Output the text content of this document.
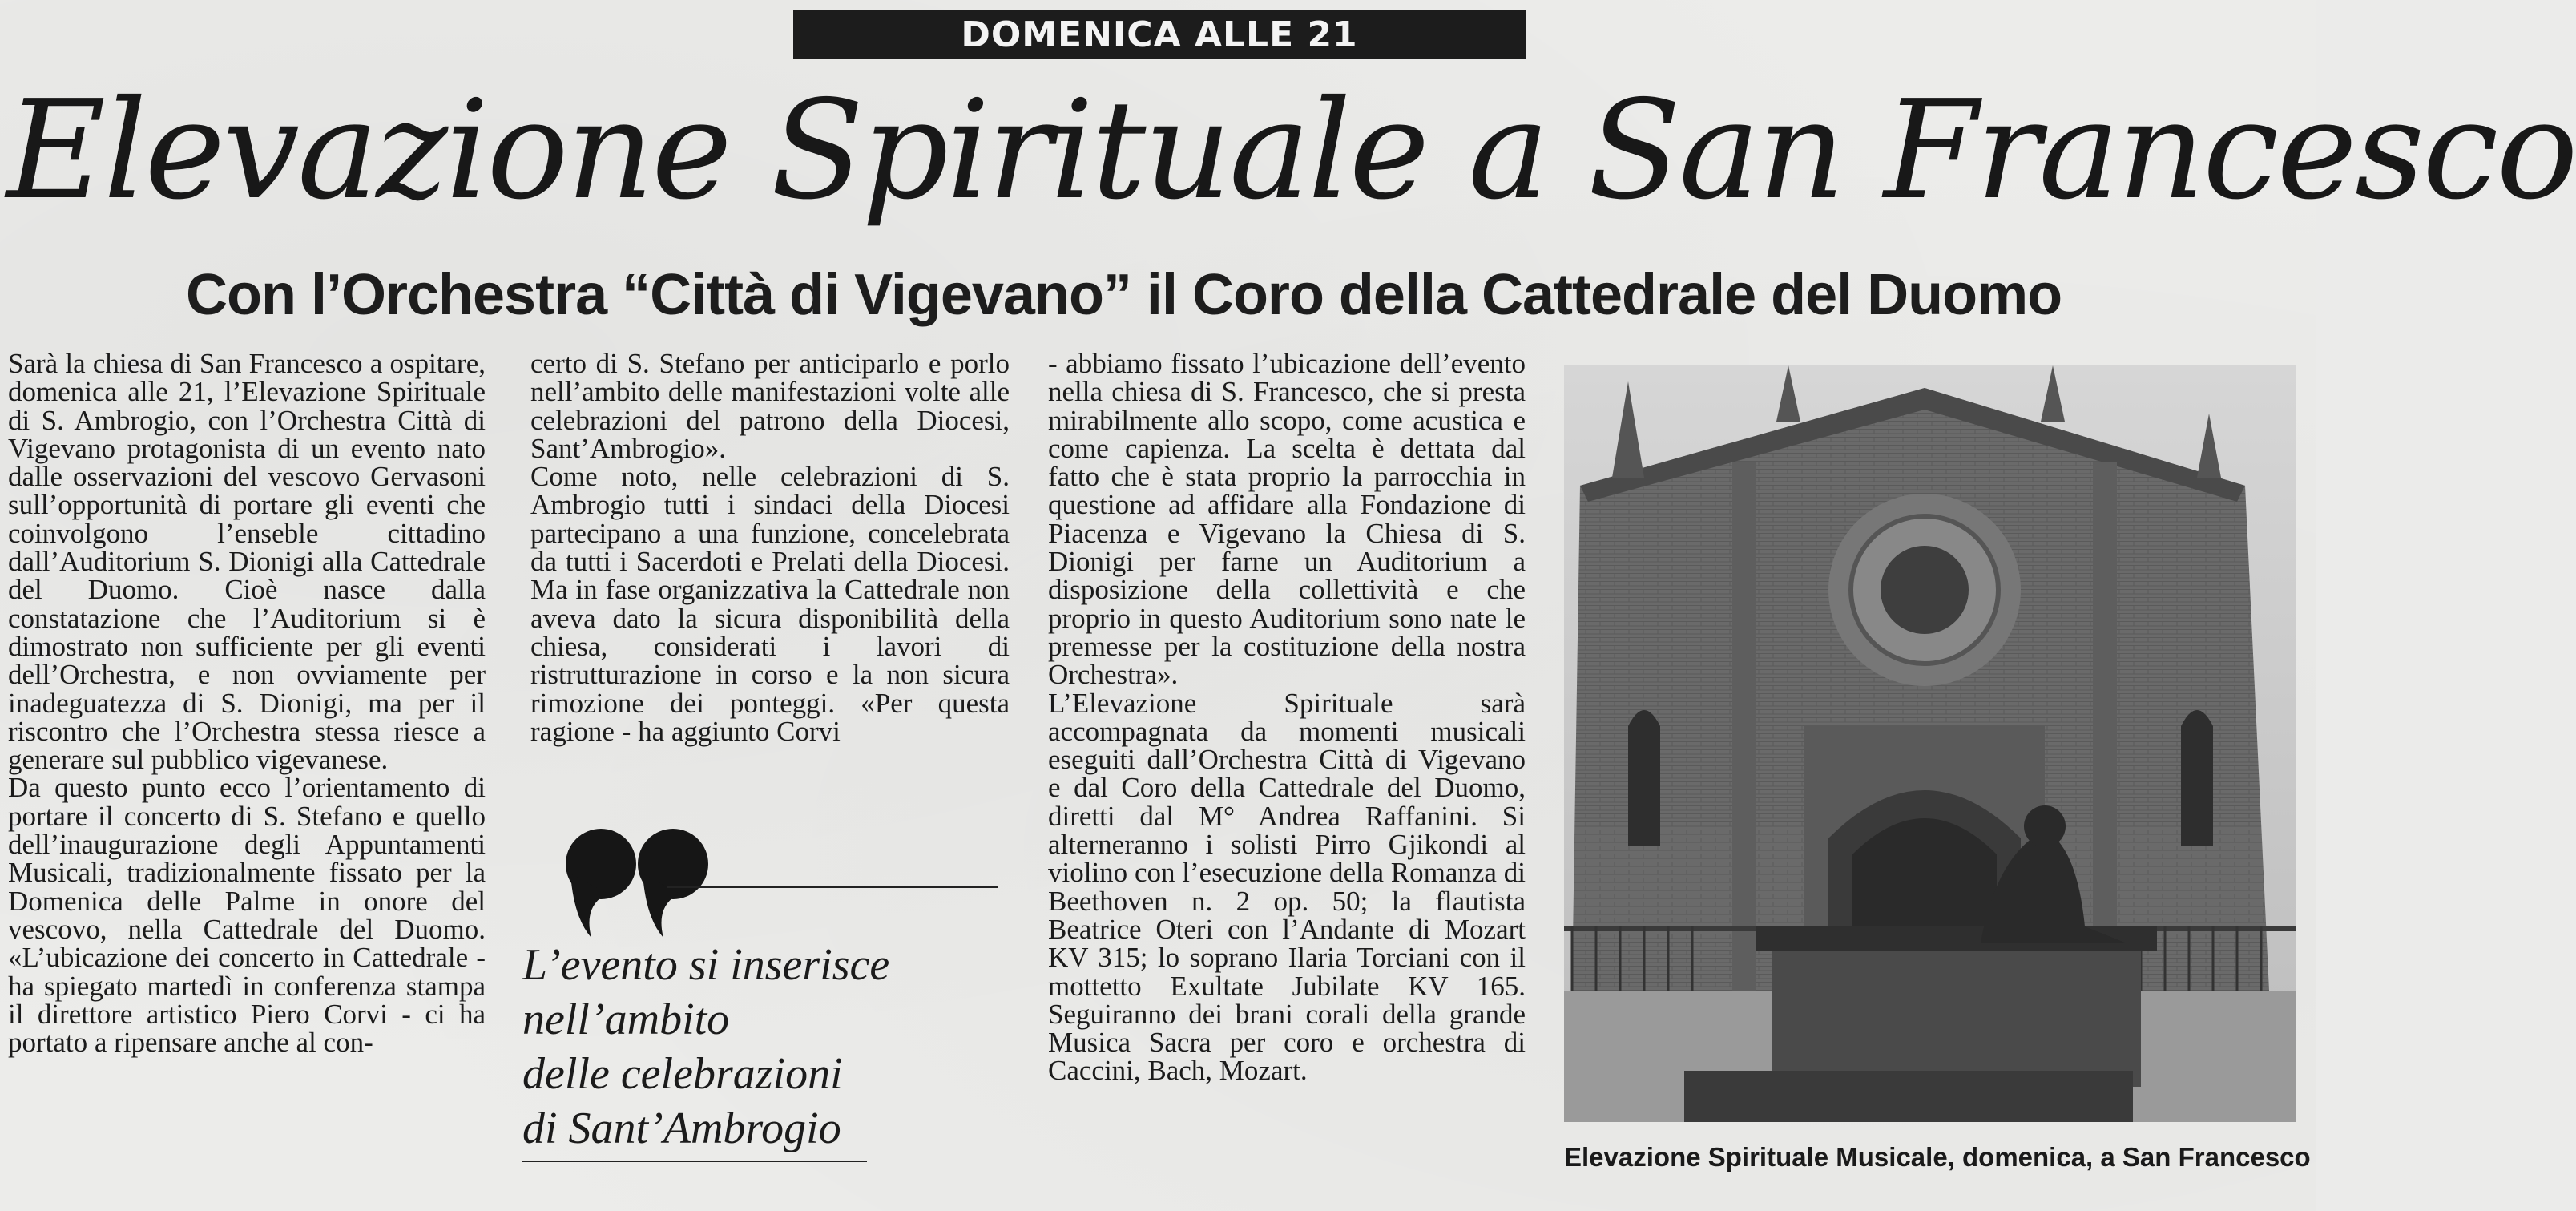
DOMENICA ALLE 21
Elevazione Spirituale a San Francesco
Con l’Orchestra “Città di Vigevano” il Coro della Cattedrale del Duomo
Sarà la chiesa di San Francesco a ospitare, domenica alle 21, l’Elevazione Spirituale di S. Ambrogio, con l’Orchestra Città di Vigevano protagonista di un evento nato dalle osservazioni del vescovo Gervasoni sull’opportunità di portare gli eventi che coinvolgono l’enseble cittadino dall’Auditorium S. Dionigi alla Cattedrale del Duomo. Cioè nasce dalla constatazione che l’Auditorium si è dimostrato non sufficiente per gli eventi dell’Orchestra, e non ovviamente per inadeguatezza di S. Dionigi, ma per il riscontro che l’Orchestra stessa riesce a generare sul pubblico vigevanese.
Da questo punto ecco l’orientamento di portare il concerto di S. Stefano e quello dell’inaugurazione degli Appuntamenti Musicali, tradizionalmente fissato per la Domenica delle Palme in onore del vescovo, nella Cattedrale del Duomo. «L’ubicazione dei concerto in Cattedrale - ha spiegato martedì in conferenza stampa il direttore artistico Piero Corvi - ci ha portato a ripensare anche al con-
certo di S. Stefano per anticiparlo e porlo nell’ambito delle manifestazioni volte alle celebrazioni del patrono della Diocesi, Sant’Ambrogio».
Come noto, nelle celebrazioni di S. Ambrogio tutti i sindaci della Diocesi partecipano a una funzione, concelebrata da tutti i Sacerdoti e Prelati della Diocesi. Ma in fase organizzativa la Cattedrale non aveva dato la sicura disponibilità della chiesa, considerati i lavori di ristrutturazione in corso e la non sicura rimozione dei ponteggi. «Per questa ragione - ha aggiunto Corvi
- abbiamo fissato l’ubicazione dell’evento nella chiesa di S. Francesco, che si presta mirabilmente allo scopo, come acustica e come capienza. La scelta è dettata dal fatto che è stata proprio la parrocchia in questione ad affidare alla Fondazione di Piacenza e Vigevano la Chiesa di S. Dionigi per farne un Auditorium a disposizione della collettività e che proprio in questo Auditorium sono nate le premesse per la costituzione della nostra Orchestra».
L’Elevazione Spirituale sarà accompagnata da momenti musicali eseguiti dall’Orchestra Città di Vigevano e dal Coro della Cattedrale del Duomo, diretti dal M° Andrea Raffanini. Si alterneranno i solisti Pirro Gjikondi al violino con l’esecuzione della Romanza di Beethoven n. 2 op. 50; la flautista Beatrice Oteri con l’Andante di Mozart KV 315; lo soprano Ilaria Torciani con il mottetto Exultate Jubilate KV 165. Seguiranno dei brani corali della grande Musica Sacra per coro e orchestra di Caccini, Bach, Mozart.
L’evento si inserisce
nell’ambito
delle celebrazioni
di Sant’Ambrogio
Elevazione Spirituale Musicale, domenica, a San Francesco
